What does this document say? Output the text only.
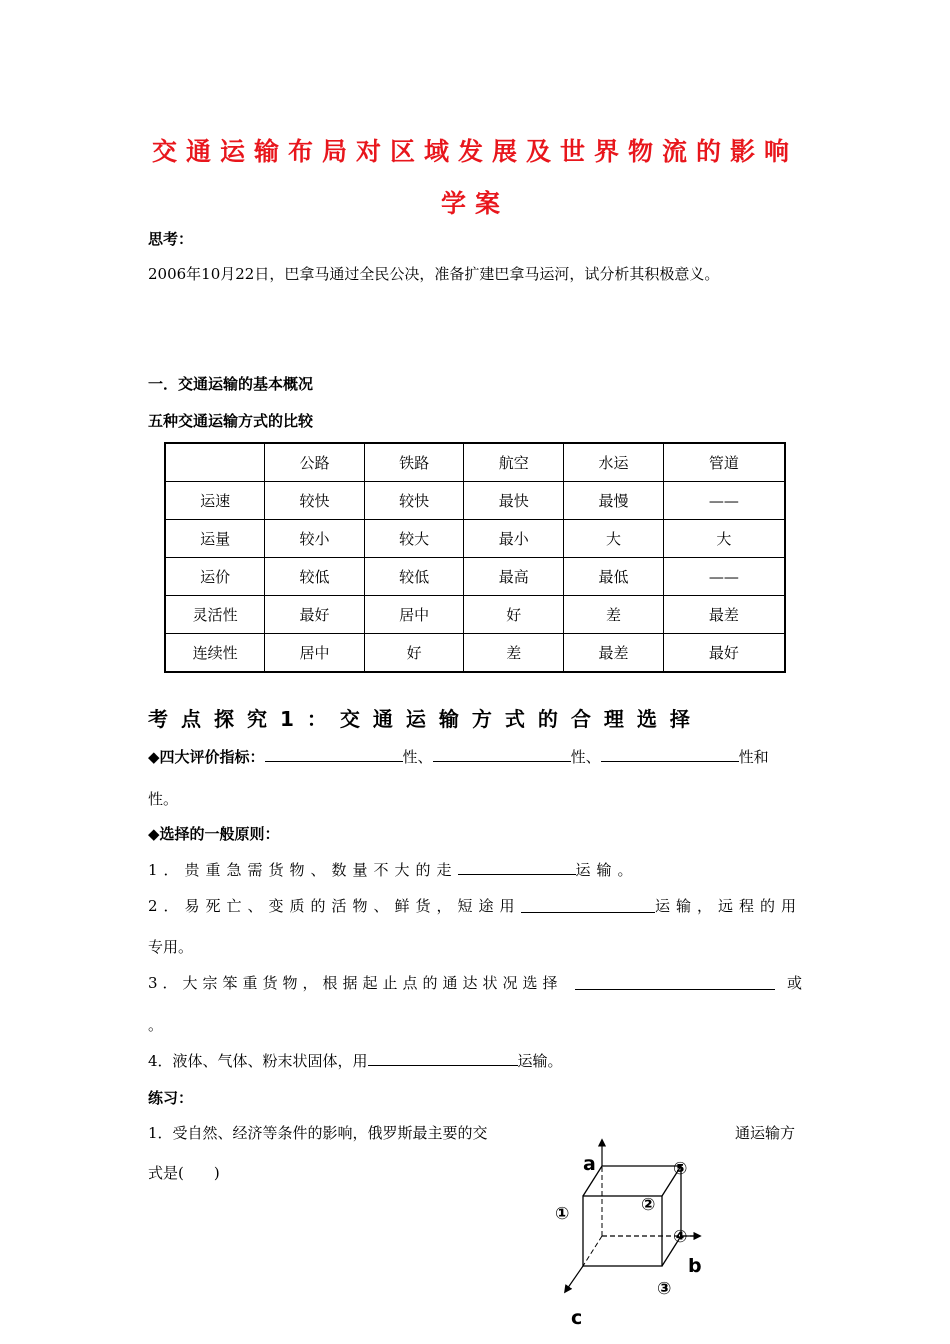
交通运输布局对区域发展及世界物流的影响
学案
思考：
2006年10月22日，巴拿马通过全民公决，准备扩建巴拿马运河，试分析其积极意义。
一．交通运输的基本概况
五种交通运输方式的比较
	公路	铁路	航空	水运	管道
运速	较快	较快	最快	最慢	——
运量	较小	较大	最小	大	大
运价	较低	较低	最高	最低	——
灵活性	最好	居中	好	差	最差
连续性	居中	好	差	最差	最好
考点探究1：交通运输方式的合理选择
◆四大评价指标：	性、	性、	性和
性。
◆选择的一般原则：
1．贵重急需货物、数量不大的走	运输。
2．易死亡、变质的活物、鲜货，短途用	运输，远程的用
专用。
3．大宗笨重货物，根据起止点的通达状况选择	或
。
4．液体、气体、粉末状固体，用	运输。
练习：
1．受自然、经济等条件的影响，俄罗斯最主要的交	通运输方
式是(　　)	a
b
c
①	②
③
④
⑤
